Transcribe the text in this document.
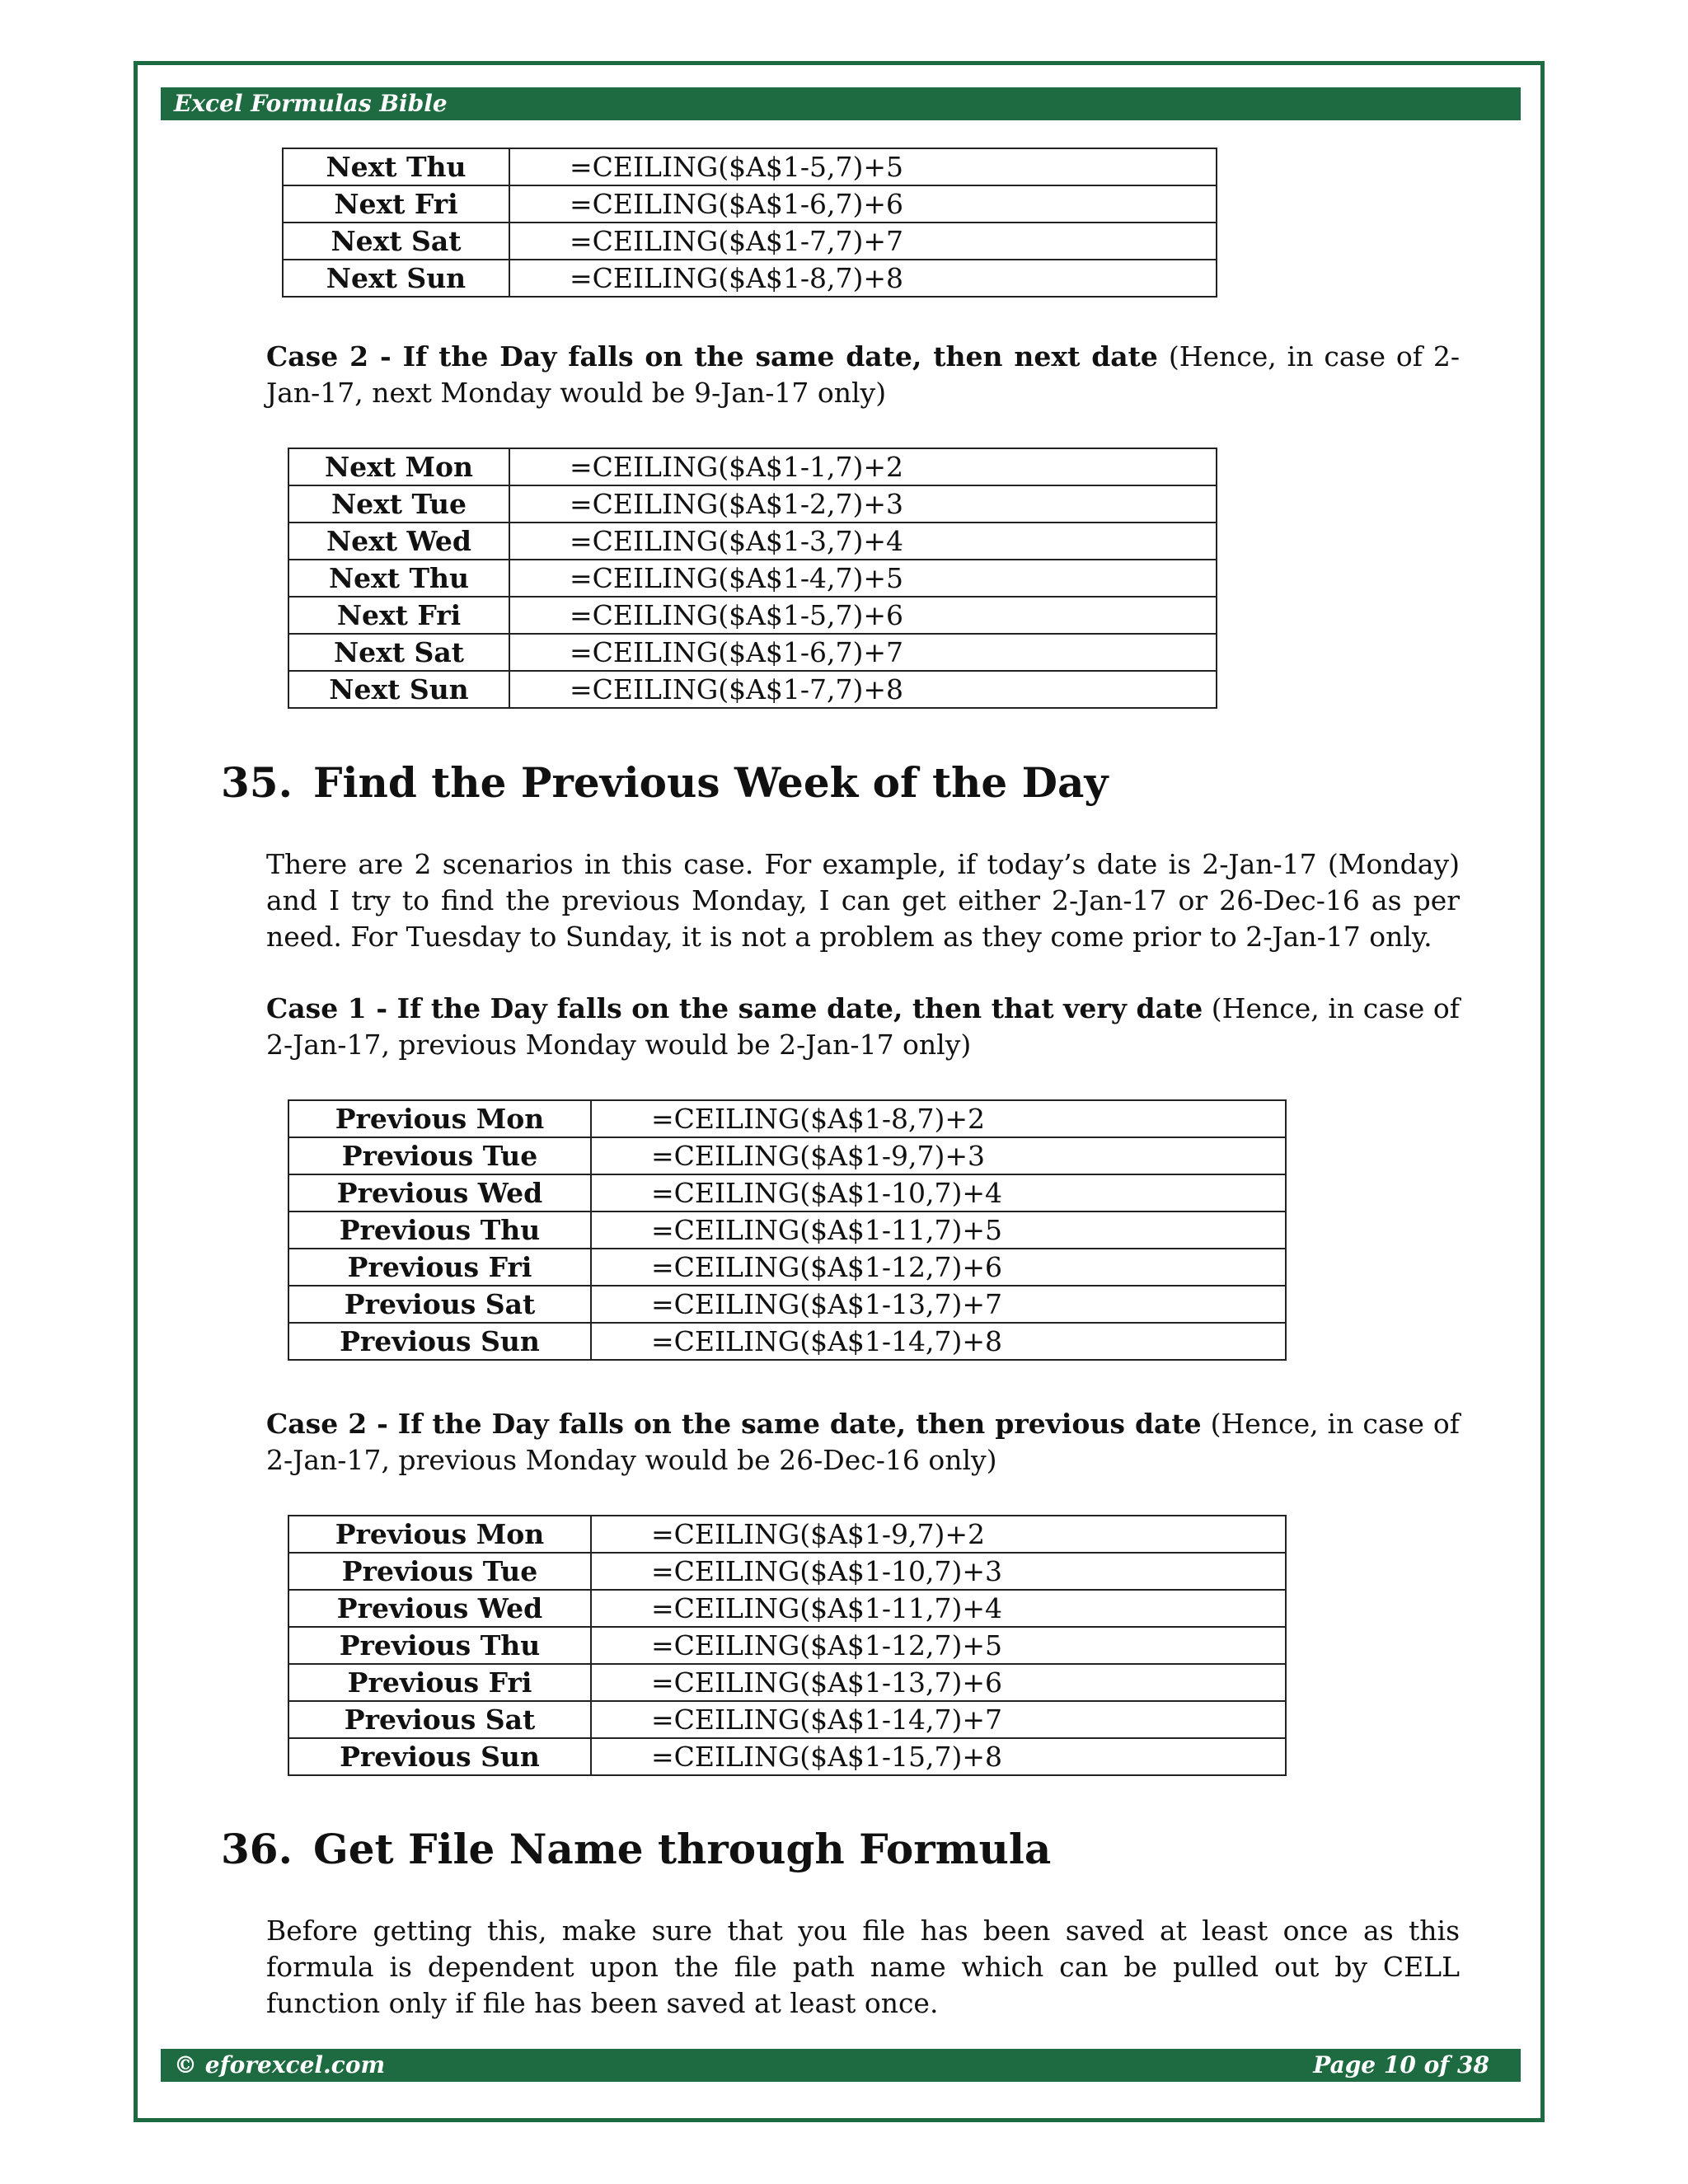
Excel Formulas Bible
Next Thu	=CEILING($A$1-5,7)+5
Next Fri	=CEILING($A$1-6,7)+6
Next Sat	=CEILING($A$1-7,7)+7
Next Sun	=CEILING($A$1-8,7)+8

Case 2 - If the Day falls on the same date, then next date (Hence, in case of 2-Jan-17, next Monday would be 9-Jan-17 only)

Next Mon	=CEILING($A$1-1,7)+2
Next Tue	=CEILING($A$1-2,7)+3
Next Wed	=CEILING($A$1-3,7)+4
Next Thu	=CEILING($A$1-4,7)+5
Next Fri	=CEILING($A$1-5,7)+6
Next Sat	=CEILING($A$1-6,7)+7
Next Sun	=CEILING($A$1-7,7)+8
35. Find the Previous Week of the Day

There are 2 scenarios in this case. For example, if today’s date is 2-Jan-17 (Monday) and I try to find the previous Monday, I can get either 2-Jan-17 or 26-Dec-16 as per need. For Tuesday to Sunday, it is not a problem as they come prior to 2-Jan-17 only.

Case 1 - If the Day falls on the same date, then that very date (Hence, in case of 2-Jan-17, previous Monday would be 2-Jan-17 only)

Previous Mon	=CEILING($A$1-8,7)+2
Previous Tue	=CEILING($A$1-9,7)+3
Previous Wed	=CEILING($A$1-10,7)+4
Previous Thu	=CEILING($A$1-11,7)+5
Previous Fri	=CEILING($A$1-12,7)+6
Previous Sat	=CEILING($A$1-13,7)+7
Previous Sun	=CEILING($A$1-14,7)+8

Case 2 - If the Day falls on the same date, then previous date (Hence, in case of 2-Jan-17, previous Monday would be 26-Dec-16 only)

Previous Mon	=CEILING($A$1-9,7)+2
Previous Tue	=CEILING($A$1-10,7)+3
Previous Wed	=CEILING($A$1-11,7)+4
Previous Thu	=CEILING($A$1-12,7)+5
Previous Fri	=CEILING($A$1-13,7)+6
Previous Sat	=CEILING($A$1-14,7)+7
Previous Sun	=CEILING($A$1-15,7)+8
36. Get File Name through Formula

Before getting this, make sure that you file has been saved at least once as this formula is dependent upon the file path name which can be pulled out by CELL function only if file has been saved at least once.

© eforexcel.com	Page 10 of 38
